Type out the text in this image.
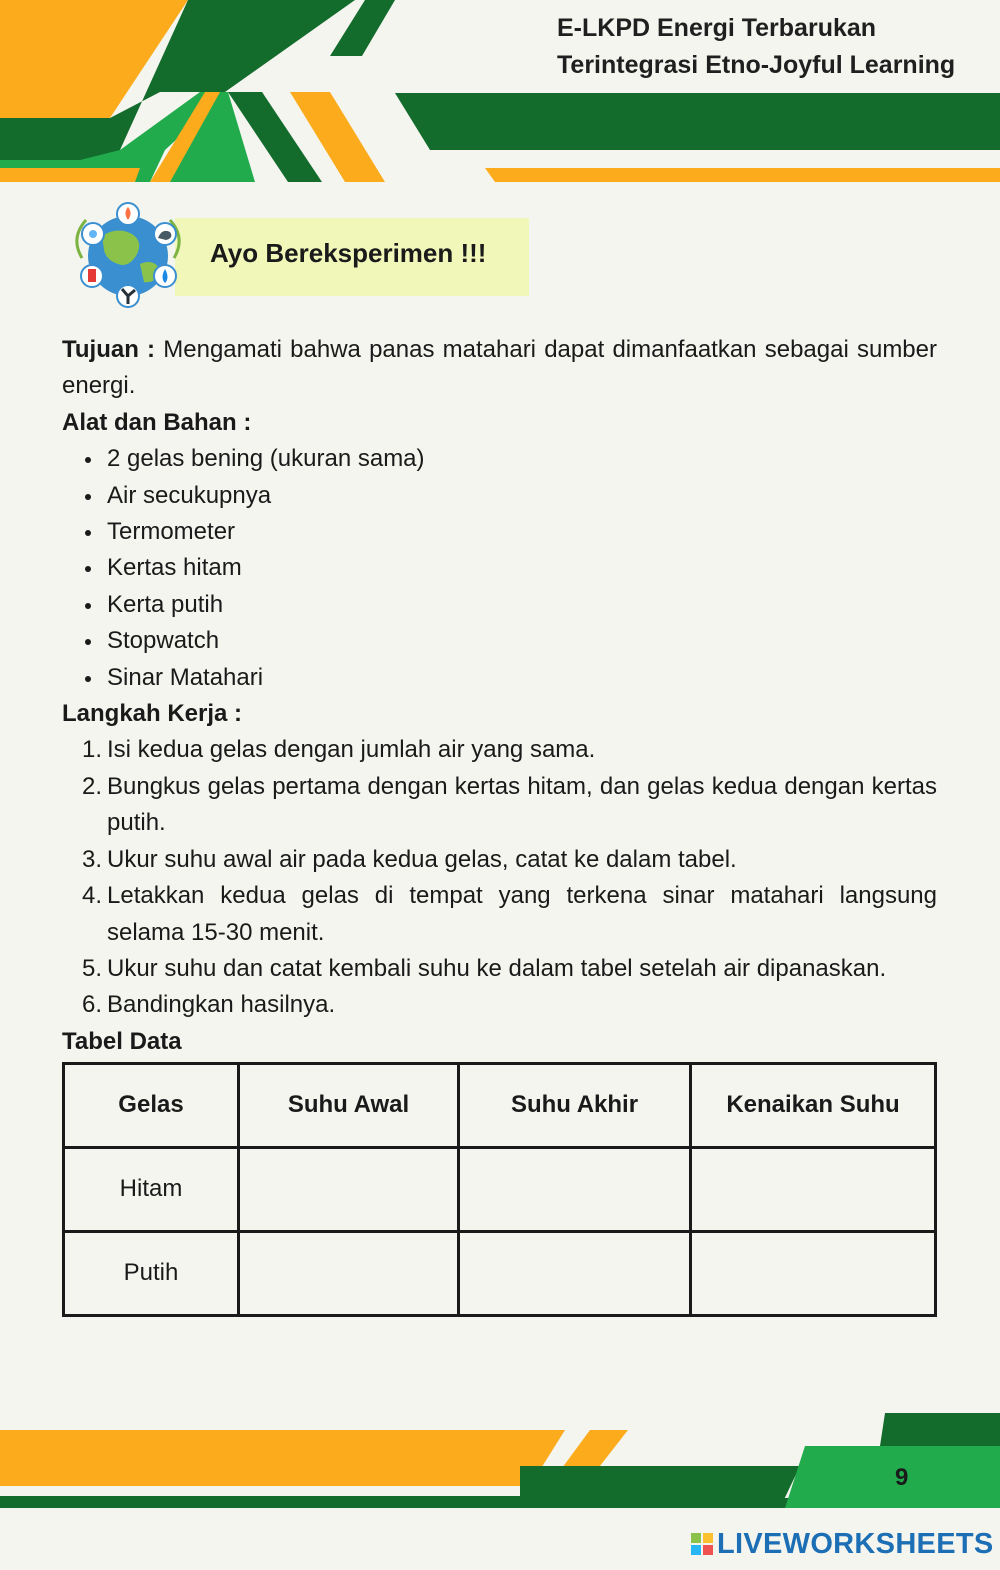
E-LKPD Energi Terbarukan
Terintegrasi Etno-Joyful Learning
Ayo Bereksperimen !!!

Tujuan : Mengamati bahwa panas matahari dapat dimanfaatkan sebagai sumber energi.

Alat dan Bahan :
2 gelas bening (ukuran sama)
Air secukupnya
Termometer
Kertas hitam
Kerta putih
Stopwatch
Sinar Matahari
Langkah Kerja :
1. Isi kedua gelas dengan jumlah air yang sama.
2. Bungkus gelas pertama dengan kertas hitam, dan gelas kedua dengan kertas putih.
3. Ukur suhu awal air pada kedua gelas, catat ke dalam tabel.
4. Letakkan kedua gelas di tempat yang terkena sinar matahari langsung selama 15-30 menit.
5. Ukur suhu dan catat kembali suhu ke dalam tabel setelah air dipanaskan.
6. Bandingkan hasilnya.
Tabel Data
Gelas	Suhu Awal	Suhu Akhir	Kenaikan Suhu
Hitam			
Putih			
9
LIVEWORKSHEETS
